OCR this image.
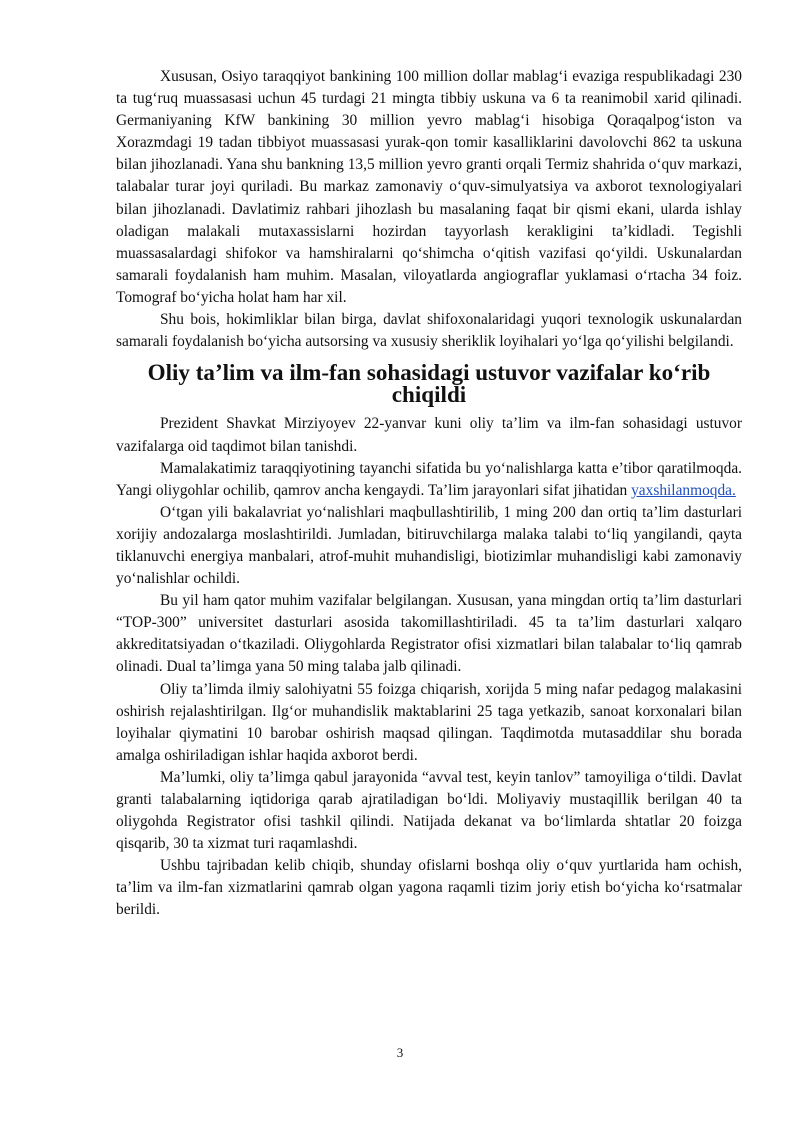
Xususan, Osiyo taraqqiyot bankining 100 million dollar mablag‘i evaziga respublikadagi 230 ta tug‘ruq muassasasi uchun 45 turdagi 21 mingta tibbiy uskuna va 6 ta reanimobil xarid qilinadi. Germaniyaning KfW bankining 30 million yevro mablag‘i hisobiga Qoraqalpog‘iston va Xorazmdagi 19 tadan tibbiyot muassasasi yurak-qon tomir kasalliklarini davolovchi 862 ta uskuna bilan jihozlanadi. Yana shu bankning 13,5 million yevro granti orqali Termiz shahrida o‘quv markazi, talabalar turar joyi quriladi. Bu markaz zamonaviy o‘quv-simulyatsiya va axborot texnologiyalari bilan jihozlanadi. Davlatimiz rahbari jihozlash bu masalaning faqat bir qismi ekani, ularda ishlay oladigan malakali mutaxassislarni hozirdan tayyorlash kerakligini ta’kidladi. Tegishli muassasalardagi shifokor va hamshiralarni qo‘shimcha o‘qitish vazifasi qo‘yildi. Uskunalardan samarali foydalanish ham muhim. Masalan, viloyatlarda angiograflar yuklamasi o‘rtacha 34 foiz. Tomograf bo‘yicha holat ham har xil.

Shu bois, hokimliklar bilan birga, davlat shifoxonalaridagi yuqori texnologik uskunalardan samarali foydalanish bo‘yicha autsorsing va xususiy sheriklik loyihalari yo‘lga qo‘yilishi belgilandi.

Oliy ta’lim va ilm-fan sohasidagi ustuvor vazifalar ko‘rib chiqildi

Prezident Shavkat Mirziyoyev 22-yanvar kuni oliy ta’lim va ilm-fan sohasidagi ustuvor vazifalarga oid taqdimot bilan tanishdi.

Mamalakatimiz taraqqiyotining tayanchi sifatida bu yo‘nalishlarga katta e’tibor qaratilmoqda. Yangi oliygohlar ochilib, qamrov ancha kengaydi. Ta’lim jarayonlari sifat jihatidan yaxshilanmoqda.

O‘tgan yili bakalavriat yo‘nalishlari maqbullashtirilib, 1 ming 200 dan ortiq ta’lim dasturlari xorijiy andozalarga moslashtirildi. Jumladan, bitiruvchilarga malaka talabi to‘liq yangilandi, qayta tiklanuvchi energiya manbalari, atrof-muhit muhandisligi, biotizimlar muhandisligi kabi zamonaviy yo‘nalishlar ochildi.

Bu yil ham qator muhim vazifalar belgilangan. Xususan, yana mingdan ortiq ta’lim dasturlari “TOP-300” universitet dasturlari asosida takomillashtiriladi. 45 ta ta’lim dasturlari xalqaro akkreditatsiyadan o‘tkaziladi. Oliygohlarda Registrator ofisi xizmatlari bilan talabalar to‘liq qamrab olinadi. Dual ta’limga yana 50 ming talaba jalb qilinadi.

Oliy ta’limda ilmiy salohiyatni 55 foizga chiqarish, xorijda 5 ming nafar pedagog malakasini oshirish rejalashtirilgan. Ilg‘or muhandislik maktablarini 25 taga yetkazib, sanoat korxonalari bilan loyihalar qiymatini 10 barobar oshirish maqsad qilingan. Taqdimotda mutasaddilar shu borada amalga oshiriladigan ishlar haqida axborot berdi.

Ma’lumki, oliy ta’limga qabul jarayonida “avval test, keyin tanlov” tamoyiliga o‘tildi. Davlat granti talabalarning iqtidoriga qarab ajratiladigan bo‘ldi. Moliyaviy mustaqillik berilgan 40 ta oliygohda Registrator ofisi tashkil qilindi. Natijada dekanat va bo‘limlarda shtatlar 20 foizga qisqarib, 30 ta xizmat turi raqamlashdi.

Ushbu tajribadan kelib chiqib, shunday ofislarni boshqa oliy o‘quv yurtlarida ham ochish, ta’lim va ilm-fan xizmatlarini qamrab olgan yagona raqamli tizim joriy etish bo‘yicha ko‘rsatmalar berildi.

3
